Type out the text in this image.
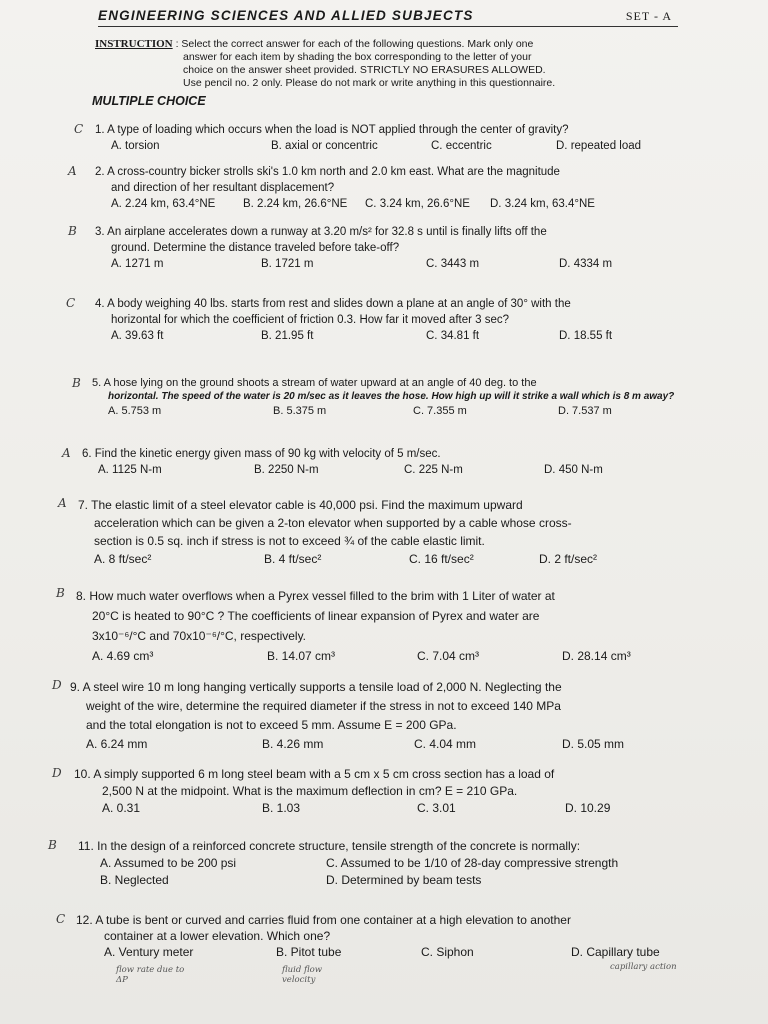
ENGINEERING SCIENCES AND ALLIED SUBJECTS	SET - A
INSTRUCTION : Select the correct answer for each of the following questions. Mark only one
answer for each item by shading the box corresponding to the letter of your
choice on the answer sheet provided. STRICTLY NO ERASURES ALLOWED.
Use pencil no. 2 only. Please do not mark or write anything in this questionnaire.
MULTIPLE CHOICE
C 1. A type of loading which occurs when the load is NOT applied through the center of gravity?
A. torsion	B. axial or concentric	C. eccentric	D. repeated load
A 2. A cross-country bicker strolls ski's 1.0 km north and 2.0 km east. What are the magnitude
and direction of her resultant displacement?
A. 2.24 km, 63.4°NE	B. 2.24 km, 26.6°NE	C. 3.24 km, 26.6°NE	D. 3.24 km, 63.4°NE
B 3. An airplane accelerates down a runway at 3.20 m/s² for 32.8 s until is finally lifts off the
ground. Determine the distance traveled before take-off?
A. 1271 m	B. 1721 m	C. 3443 m	D. 4334 m
C 4. A body weighing 40 lbs. starts from rest and slides down a plane at an angle of 30° with the
horizontal for which the coefficient of friction 0.3. How far it moved after 3 sec?
A. 39.63 ft	B. 21.95 ft	C. 34.81 ft	D. 18.55 ft
B 5. A hose lying on the ground shoots a stream of water upward at an angle of 40 deg. to the
horizontal. The speed of the water is 20 m/sec as it leaves the hose. How high up will it strike a wall which is 8 m away?
A. 5.753 m	B. 5.375 m	C. 7.355 m	D. 7.537 m
A 6. Find the kinetic energy given mass of 90 kg with velocity of 5 m/sec.
A. 1125 N-m	B. 2250 N-m	C. 225 N-m	D. 450 N-m
A 7. The elastic limit of a steel elevator cable is 40,000 psi. Find the maximum upward
acceleration which can be given a 2-ton elevator when supported by a cable whose cross-
section is 0.5 sq. inch if stress is not to exceed ¾ of the cable elastic limit.
A. 8 ft/sec²	B. 4 ft/sec²	C. 16 ft/sec²	D. 2 ft/sec²
B 8. How much water overflows when a Pyrex vessel filled to the brim with 1 Liter of water at
20°C is heated to 90°C ? The coefficients of linear expansion of Pyrex and water are
3x10⁻⁶/°C and 70x10⁻⁶/°C, respectively.
A. 4.69 cm³	B. 14.07 cm³	C. 7.04 cm³	D. 28.14 cm³
D 9. A steel wire 10 m long hanging vertically supports a tensile load of 2,000 N. Neglecting the
weight of the wire, determine the required diameter if the stress in not to exceed 140 MPa
and the total elongation is not to exceed 5 mm. Assume E = 200 GPa.
A. 6.24 mm	B. 4.26 mm	C. 4.04 mm	D. 5.05 mm
D 10. A simply supported 6 m long steel beam with a 5 cm x 5 cm cross section has a load of
2,500 N at the midpoint. What is the maximum deflection in cm? E = 210 GPa.
A. 0.31	B. 1.03	C. 3.01	D. 10.29
B 11. In the design of a reinforced concrete structure, tensile strength of the concrete is normally:
A. Assumed to be 200 psi	C. Assumed to be 1/10 of 28-day compressive strength
B. Neglected	D. Determined by beam tests
C 12. A tube is bent or curved and carries fluid from one container at a high elevation to another
container at a lower elevation. Which one?
A. Ventury meter	B. Pitot tube	C. Siphon	D. Capillary tube
flow rate due to ΔP
fluid flow velocity
capillary action
